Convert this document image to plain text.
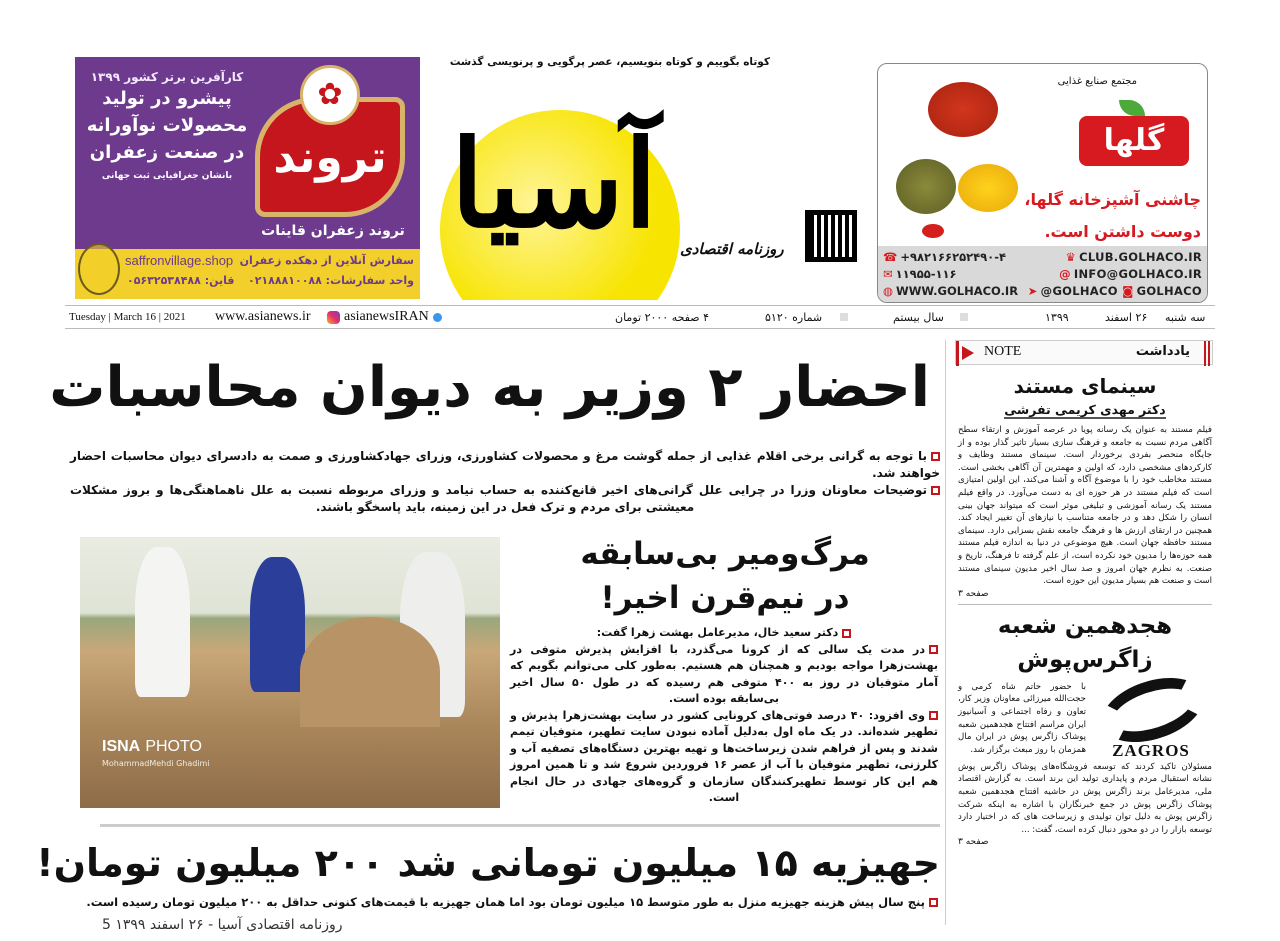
کارآفرین برتر کشور ۱۳۹۹
پیشرو در تولید
محصولات نوآورانه
در صنعت زعفران
بانشان جغرافیایی ثبت جهانی تروند
✿
تروند زعفران قاینات
saffronvillage.shop
قاین: ۰۵۶۳۲۵۳۸۴۸۸
سفارش آنلاین از دهکده زعفران
واحد سفارشات: ۰۲۱۸۸۸۱۰۰۸۸
کوتاه بگوییم و کوتاه بنویسیم، عصر پرگویی و پرنویسی گذشت
آسیا	روزنامه اقتصادی
مجتمع صنایع غذایی
گلها
چاشنی آشپزخانه گلها،
دوست داشتن است.
☎ +۹۸۲۱۶۶۲۵۲۴۹۰-۴
✉ ۱۱۹۵۵-۱۱۶
◍ WWW.GOLHACO.IR
♛ CLUB.GOLHACO.IR
@ INFO@GOLHACO.IR
➤ @GOLHACO ◙ GOLHACO
Tuesday | March 16 | 2021 www.asianews.ir asianewsIRAN	۴ صفحه ۲۰۰۰ تومان	شماره ۵۱۲۰	سال بیستم	۱۳۹۹	۲۶ اسفند سه شنبه
احضار ۲ وزیر به دیوان محاسبات
با توجه به گرانی برخی اقلام غذایی از جمله گوشت مرغ و محصولات کشاورزی، وزرای جهادکشاورزی و صمت به دادسرای دیوان محاسبات احضار خواهند شد.
توضیحات معاونان وزرا در چرایی علل گرانی‌های اخیر قانع‌کننده به حساب نیامد و وزرای مربوطه نسبت به علل ناهماهنگی‌ها و بروز مشکلات معیشتی برای مردم و ترک فعل در این زمینه، باید پاسخگو باشند.
ISNA PHOTO
MohammadMehdi Ghadimi
مرگ‌ومیر بی‌سابقه
در نیم‌قرن اخیر!

دکتر سعید خال، مدیرعامل بهشت زهرا گفت:

در مدت یک سالی که از کرونا می‌گذرد، با افزایش پذیرش متوفی در بهشت‌زهرا مواجه بودیم و همچنان هم هستیم. به‌طور کلی می‌توانم بگویم که آمار متوفیان در روز به ۴۰۰ متوفی هم رسیده که در طول ۵۰ سال اخیر بی‌سابقه بوده است.

وی افزود: ۴۰ درصد فوتی‌های کرونایی کشور در سایت بهشت‌زهرا پذیرش و تطهیر شده‌اند. در یک ماه اول به‌دلیل آماده نبودن سایت تطهیر، متوفیان تیمم شدند و پس از فراهم شدن زیرساخت‌ها و تهیه بهترین دستگاه‌های تصفیه آب و کلرزنی، تطهیر متوفیان با آب از عصر ۱۶ فروردین شروع شد و تا همین امروز هم این کار توسط تطهیرکنندگان سازمان و گروه‌های جهادی در حال انجام است.

جهیزیه ۱۵ میلیون تومانی شد ۲۰۰ میلیون تومان!
پنج سال پیش هزینه جهیزیه منزل به طور متوسط ۱۵ میلیون تومان بود اما همان جهیزیه با قیمت‌های کنونی حداقل به ۲۰۰ میلیون تومان رسیده است.
روزنامه اقتصادی آسیا - ۲۶ اسفند ۱۳۹۹ 5
NOTE	یادداشت
سینمای مستند
دکتر مهدی کریمی تفرشی
فیلم مستند به عنوان یک رسانه پویا در عرصه آموزش و ارتقاء سطح آگاهی مردم نسبت به جامعه و فرهنگ سازی بسیار تاثیر گذار بوده و از جایگاه منحصر بفردی برخوردار است. سینمای مستند وظایف و کارکردهای مشخصی دارد، که اولین و مهمترین آن آگاهی بخشی است. مستند مخاطب خود را با موضوع آگاه و آشنا می‌کند، این اولین امتیازی است که فیلم مستند در هر حوزه ای به دست می‌آورد. در واقع فیلم مستند یک رسانه آموزشی و تبلیغی موثر است که میتواند جهان بینی انسان را شکل دهد و در جامعه متناسب با نیازهای آن تغییر ایجاد کند. همچنین در ارتقای ارزش ها و فرهنگ جامعه نقش بسزایی دارد. سینمای مستند حافظه جهان است. هیچ موضوعی در دنیا به اندازه فیلم مستند همه حوزه‌ها را مدیون خود نکرده است، از علم گرفته تا فرهنگ، تاریخ و صنعت. به نظرم جهان امروز و صد سال اخیر مدیون سینمای مستند است و صنعت هم بسیار مدیون این حوزه است.
صفحه ۳
هجدهمین شعبه
زاگرس‌پوش
ZAGROS
با حضور حاتم شاه کرمی و حجت‌الله میرزائی معاونان وزیر کار، تعاون و رفاه اجتماعی و آسیانیوز ایران مراسم افتتاح هجدهمین شعبه پوشاک زاگرس پوش در ایران مال همزمان با روز مبعث برگزار شد.
مسئولان تاکید کردند که توسعه فروشگاه‌های پوشاک زاگرس پوش نشانه استقبال مردم و پایداری تولید این برند است. به گزارش اقتصاد ملی، مدیرعامل برند زاگرس پوش در حاشیه افتتاح هجدهمین شعبه پوشاک زاگرس پوش در جمع خبرنگاران با اشاره به اینکه شرکت زاگرس پوش به دلیل توان تولیدی و زیرساخت های که در اختیار دارد توسعه بازار را در دو محور دنبال کرده است، گفت: ...
صفحه ۳
